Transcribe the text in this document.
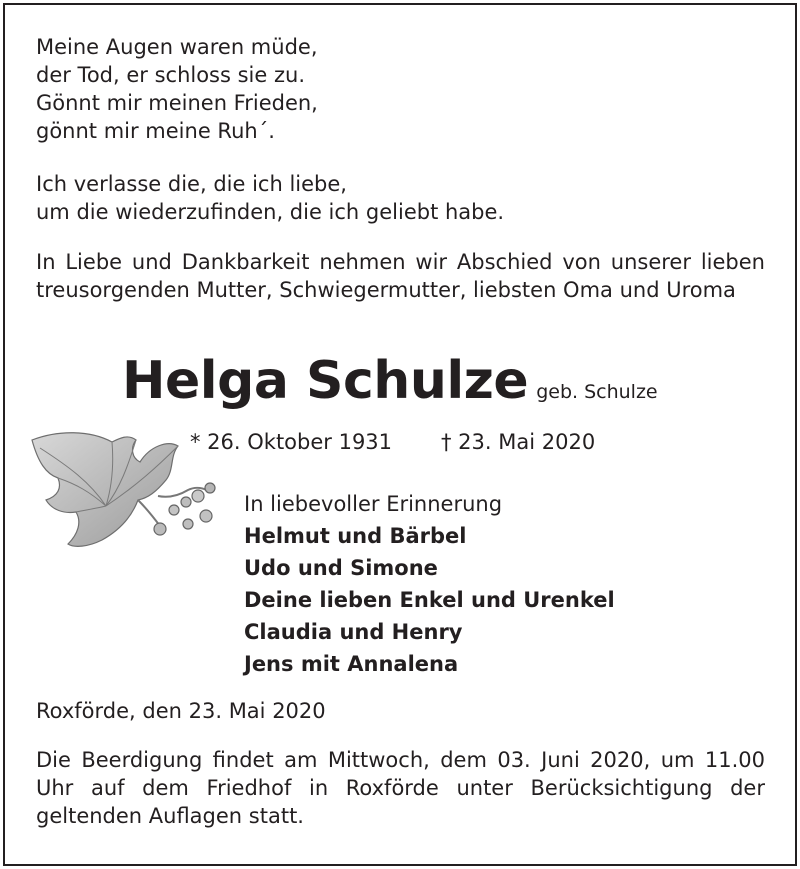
Meine Augen waren müde,

der Tod, er schloss sie zu.

Gönnt mir meinen Frieden,

gönnt mir meine Ruh´.

Ich verlasse die, die ich liebe,

um die wiederzufinden, die ich geliebt habe.

In Liebe und Dankbarkeit nehmen wir Abschied von unserer lieben treusorgenden Mutter, Schwiegermutter, liebsten Oma und Uroma

Helga Schulze geb. Schulze
* 26. Oktober 1931 † 23. Mai 2020

In liebevoller Erinnerung

Helmut und Bärbel

Udo und Simone

Deine lieben Enkel und Urenkel

Claudia und Henry

Jens mit Annalena

Roxförde, den 23. Mai 2020

Die Beerdigung findet am Mittwoch, dem 03. Juni 2020, um 11.00 Uhr auf dem Friedhof in Roxförde unter Berücksichtigung der geltenden Auflagen statt.
